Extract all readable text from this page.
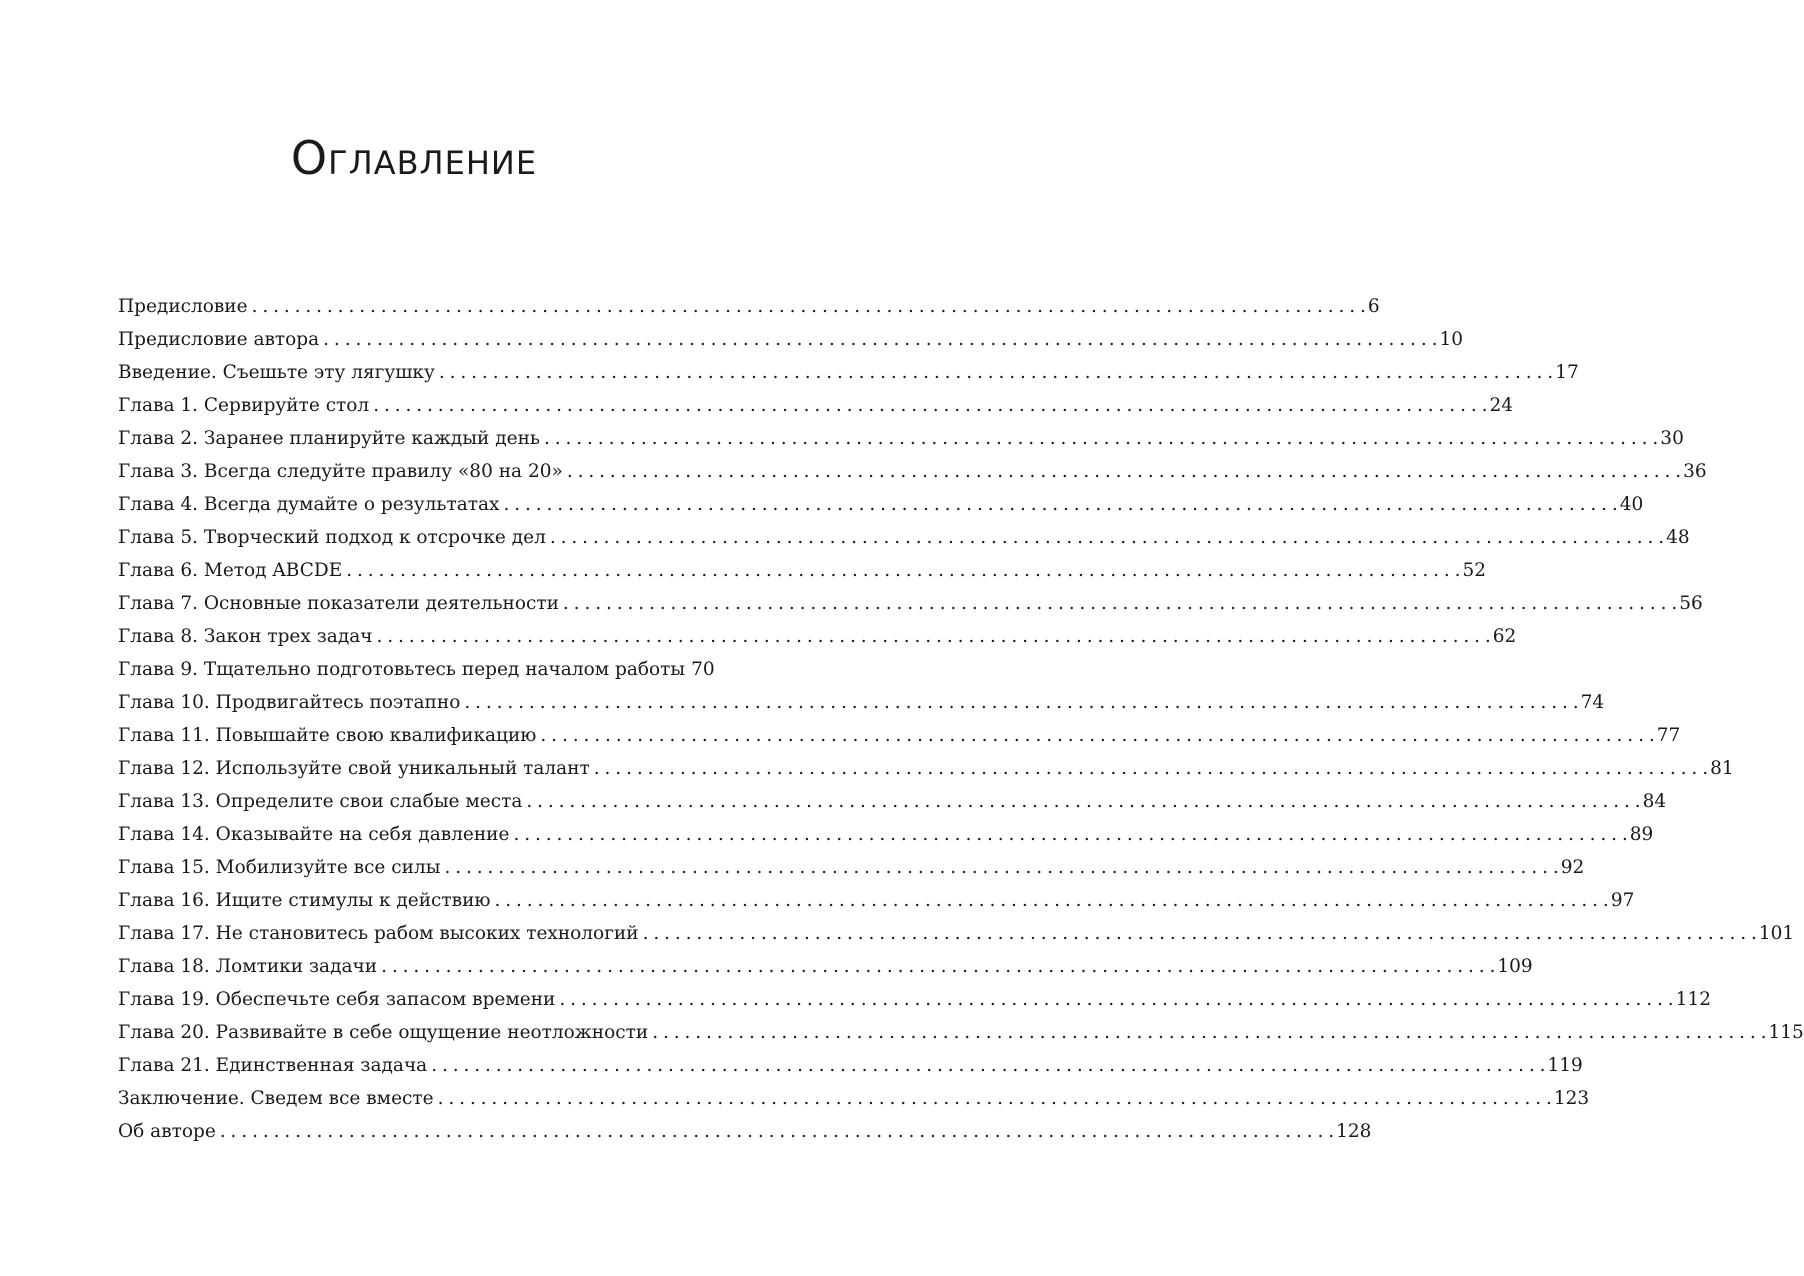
Оглавление
Предисловие . . .	6
Предисловие автора . . .	10
Введение. Съешьте эту лягушку . . .	17
Глава 1. Сервируйте стол . . .	24
Глава 2. Заранее планируйте каждый день . . .	30
Глава 3. Всегда следуйте правилу «80 на 20» . . .	36
Глава 4. Всегда думайте о результатах . . .	40
Глава 5. Творческий подход к отсрочке дел . . .	48
Глава 6. Метод ABCDE . . .	52
Глава 7. Основные показатели деятельности . . .	56
Глава 8. Закон трех задач . . .	62
Глава 9. Тщательно подготовьтесь перед началом работы 70
Глава 10. Продвигайтесь поэтапно . . .	74
Глава 11. Повышайте свою квалификацию . . .	77
Глава 12. Используйте свой уникальный талант . . .	81
Глава 13. Определите свои слабые места . . .	84
Глава 14. Оказывайте на себя давление . . .	89
Глава 15. Мобилизуйте все силы . . .	92
Глава 16. Ищите стимулы к действию . . .	97
Глава 17. Не становитесь рабом высоких технологий . . .	101
Глава 18. Ломтики задачи . . .	109
Глава 19. Обеспечьте себя запасом времени . . .	112
Глава 20. Развивайте в себе ощущение неотложности . . .	115
Глава 21. Единственная задача . . .	119
Заключение. Сведем все вместе . . .	123
Об авторе . . .	128
